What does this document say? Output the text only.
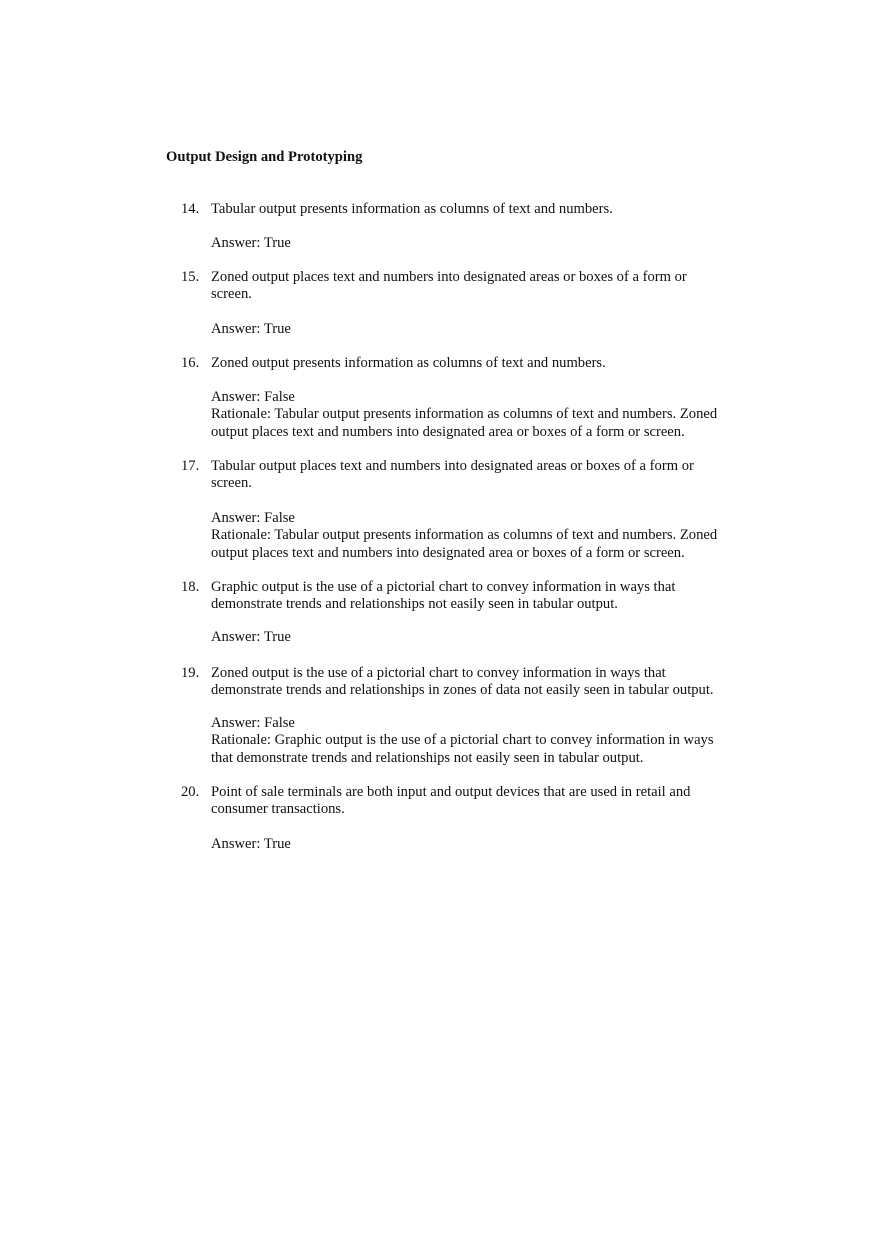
Output Design and Prototyping
14. Tabular output presents information as columns of text and numbers.
Answer: True
15. Zoned output places text and numbers into designated areas or boxes of a form or
screen.
Answer: True
16. Zoned output presents information as columns of text and numbers.
Answer: False
Rationale: Tabular output presents information as columns of text and numbers. Zoned
output places text and numbers into designated area or boxes of a form or screen.
17. Tabular output places text and numbers into designated areas or boxes of a form or
screen.
Answer: False
Rationale: Tabular output presents information as columns of text and numbers. Zoned
output places text and numbers into designated area or boxes of a form or screen.
18. Graphic output is the use of a pictorial chart to convey information in ways that
demonstrate trends and relationships not easily seen in tabular output.
Answer: True
19. Zoned output is the use of a pictorial chart to convey information in ways that
demonstrate trends and relationships in zones of data not easily seen in tabular output.
Answer: False
Rationale: Graphic output is the use of a pictorial chart to convey information in ways
that demonstrate trends and relationships not easily seen in tabular output.
20. Point of sale terminals are both input and output devices that are used in retail and
consumer transactions.
Answer: True
